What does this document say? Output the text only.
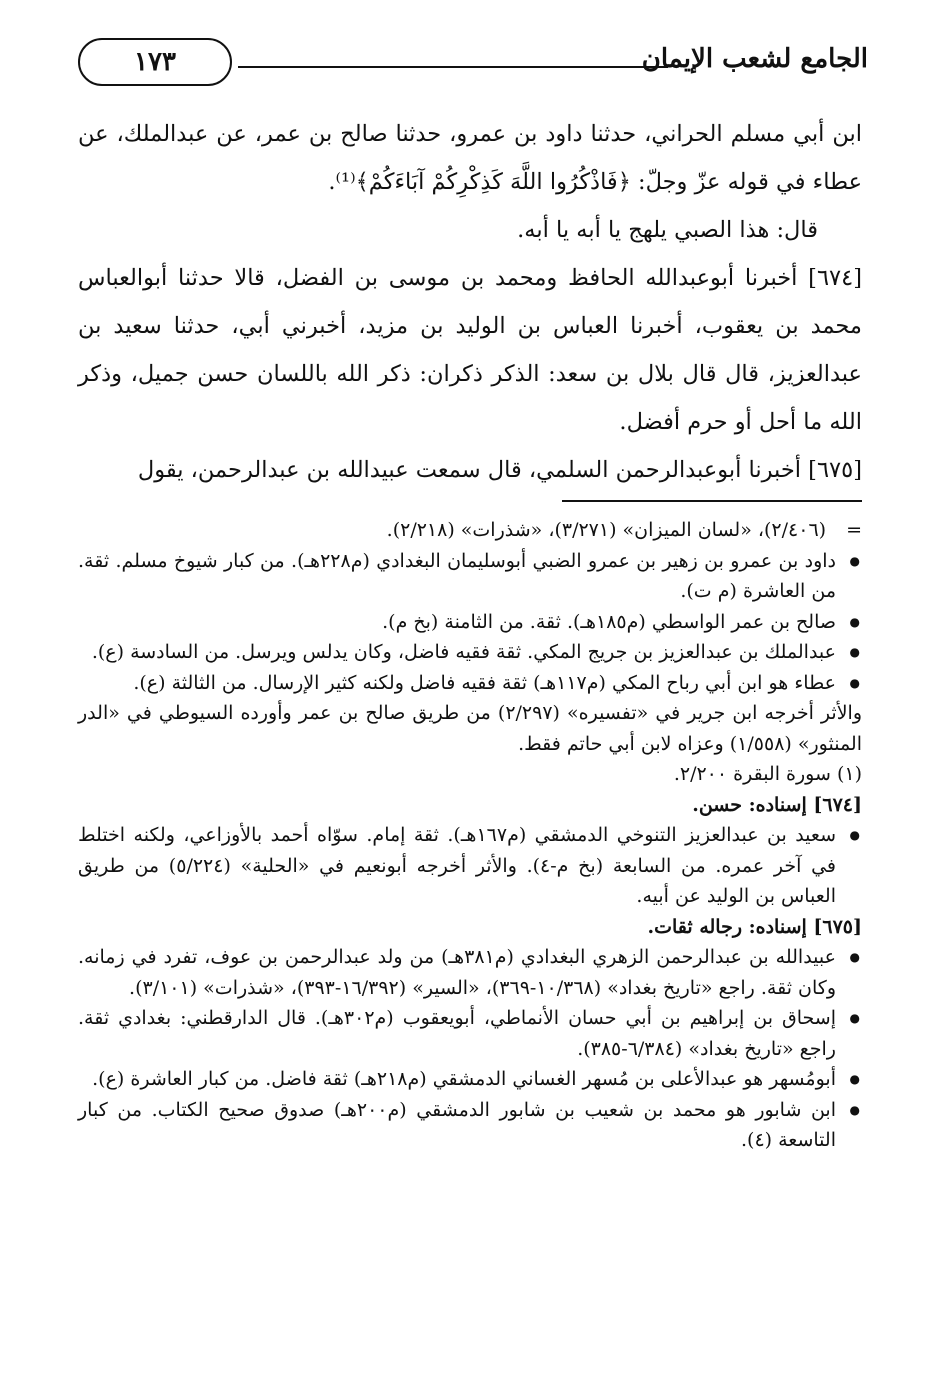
الجامع لشعب الإيمان
١٧٣

ابن أبي مسلم الحراني، حدثنا داود بن عمرو، حدثنا صالح بن عمر، عن عبدالملك، عن عطاء في قوله عزّ وجلّ: ﴿فَاذْكُرُوا اللَّهَ كَذِكْرِكُمْ آبَاءَكُمْ﴾⁽¹⁾.

قال: هذا الصبي يلهج يا أبه يا أبه.

[٦٧٤] أخبرنا أبوعبدالله الحافظ ومحمد بن موسى بن الفضل، قالا حدثنا أبوالعباس محمد بن يعقوب، أخبرنا العباس بن الوليد بن مزيد، أخبرني أبي، حدثنا سعيد بن عبدالعزيز، قال قال بلال بن سعد: الذكر ذكران: ذكر الله باللسان حسن جميل، وذكر الله ما أحل أو حرم أفضل.

[٦٧٥] أخبرنا أبوعبدالرحمن السلمي، قال سمعت عبيدالله بن عبدالرحمن، يقول

=(٢/٤٠٦)، «لسان الميزان» (٣/٢٧١)، «شذرات» (٢/٢١٨).

● داود بن عمرو بن زهير بن عمرو الضبي أبوسليمان البغدادي (م٢٢٨هـ). من كبار شيوخ مسلم. ثقة. من العاشرة (م ت).

● صالح بن عمر الواسطي (م١٨٥هـ). ثقة. من الثامنة (بخ م).

● عبدالملك بن عبدالعزيز بن جريج المكي. ثقة فقيه فاضل، وكان يدلس ويرسل. من السادسة (ع).

● عطاء هو ابن أبي رباح المكي (م١١٧هـ) ثقة فقيه فاضل ولكنه كثير الإرسال. من الثالثة (ع).

والأثر أخرجه ابن جرير في «تفسيره» (٢/٢٩٧) من طريق صالح بن عمر وأورده السيوطي في «الدر المنثور» (١/٥٥٨) وعزاه لابن أبي حاتم فقط.

(١) سورة البقرة ٢/٢٠٠.

[٦٧٤] إسناده: حسن.

● سعيد بن عبدالعزيز التنوخي الدمشقي (م١٦٧هـ). ثقة إمام. سوّاه أحمد بالأوزاعي، ولكنه اختلط في آخر عمره. من السابعة (بخ م-٤). والأثر أخرجه أبونعيم في «الحلية» (٥/٢٢٤) من طريق العباس بن الوليد عن أبيه.

[٦٧٥] إسناده: رجاله ثقات.

● عبيدالله بن عبدالرحمن الزهري البغدادي (م٣٨١هـ) من ولد عبدالرحمن بن عوف، تفرد في زمانه. وكان ثقة. راجع «تاريخ بغداد» (١٠/٣٦٨-٣٦٩)، «السير» (١٦/٣٩٢-٣٩٣)، «شذرات» (٣/١٠١).

● إسحاق بن إبراهيم بن أبي حسان الأنماطي، أبويعقوب (م٣٠٢هـ). قال الدارقطني: بغدادي ثقة. راجع «تاريخ بغداد» (٦/٣٨٤-٣٨٥).

● أبومُسهر هو عبدالأعلى بن مُسهر الغساني الدمشقي (م٢١٨هـ) ثقة فاضل. من كبار العاشرة (ع).

● ابن شابور هو محمد بن شعيب بن شابور الدمشقي (م٢٠٠هـ) صدوق صحيح الكتاب. من كبار التاسعة (٤).
